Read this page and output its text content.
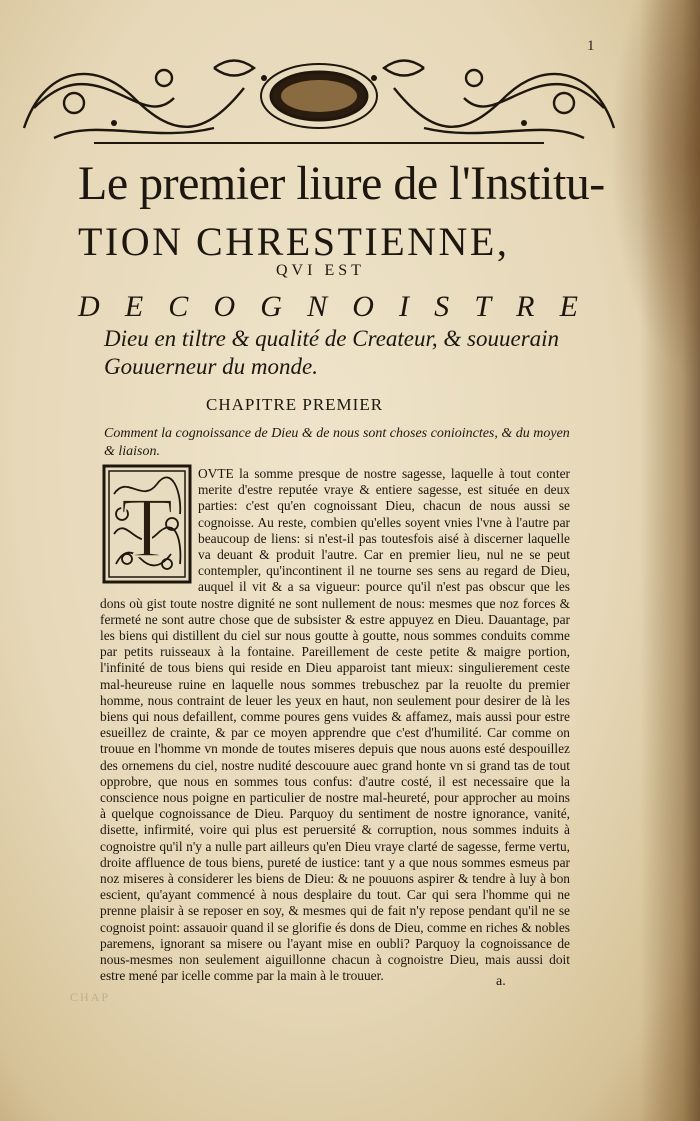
1
Le premier liure de l'Institu-
TION CHRESTIENNE,
QVI EST
D E C O G N O I S T R E
Dieu en tiltre & qualité de Createur, & souuerain
Gouuerneur du monde.
CHAPITRE PREMIER
Comment la cognoissance de Dieu & de nous sont choses conioinctes, & du moyen & liaison.
T

OVTE la somme presque de nostre sagesse, laquelle à tout conter merite d'estre reputée vraye & entiere sagesse, est située en deux parties: c'est qu'en cognoissant Dieu, chacun de nous aussi se cognoisse. Au reste, combien qu'elles soyent vnies l'vne à l'autre par beaucoup de liens: si n'est-il pas toutesfois aisé à discerner laquelle va deuant & produit l'autre. Car en premier lieu, nul ne se peut contempler, qu'incontinent il ne tourne ses sens au regard de Dieu, auquel il vit & a sa vigueur: pource qu'il n'est pas obscur que les dons où gist toute nostre dignité ne sont nullement de nous: mesmes que noz forces & fermeté ne sont autre chose que de subsister & estre appuyez en Dieu. Dauantage, par les biens qui distillent du ciel sur nous goutte à goutte, nous sommes conduits comme par petits ruisseaux à la fontaine. Pareillement de ceste petite & maigre portion, l'infinité de tous biens qui reside en Dieu apparoist tant mieux: singulierement ceste mal-heureuse ruine en laquelle nous sommes trebuschez par la reuolte du premier homme, nous contraint de leuer les yeux en haut, non seulement pour desirer de là les biens qui nous defaillent, comme poures gens vuides & affamez, mais aussi pour estre esueillez de crainte, & par ce moyen apprendre que c'est d'humilité. Car comme on trouue en l'homme vn monde de toutes miseres depuis que nous auons esté despouillez des ornemens du ciel, nostre nudité descouure auec grand honte vn si grand tas de tout opprobre, que nous en sommes tous confus: d'autre costé, il est necessaire que la conscience nous poigne en particulier de nostre mal-heureté, pour approcher au moins à quelque cognoissance de Dieu. Parquoy du sentiment de nostre ignorance, vanité, disette, infirmité, voire qui plus est peruersité & corruption, nous sommes induits à cognoistre qu'il n'y a nulle part ailleurs qu'en Dieu vraye clarté de sagesse, ferme vertu, droite affluence de tous biens, pureté de iustice: tant y a que nous sommes esmeus par noz miseres à considerer les biens de Dieu: & ne pouuons aspirer & tendre à luy à bon escient, qu'ayant commencé à nous desplaire du tout. Car qui sera l'homme qui ne prenne plaisir à se reposer en soy, & mesmes qui de fait n'y repose pendant qu'il ne se cognoist point: assauoir quand il se glorifie és dons de Dieu, comme en riches & nobles paremens, ignorant sa misere ou l'ayant mise en oubli? Parquoy la cognoissance de nous-mesmes non seulement aiguillonne chacun à cognoistre Dieu, mais aussi doit estre mené par icelle comme par la main à le trouuer.	a.
CHAP
